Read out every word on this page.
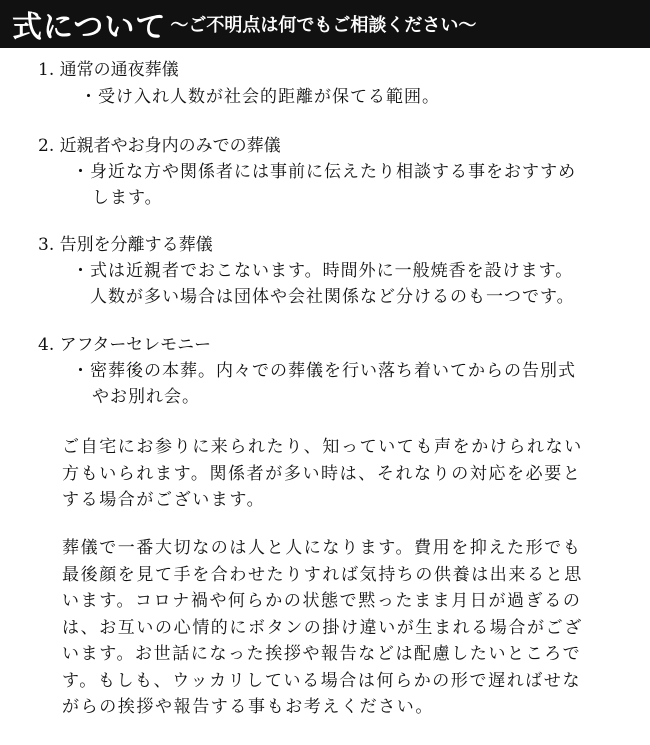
式について 〜ご不明点は何でもご相談ください〜
1. 通常の通夜葬儀
・受け入れ人数が社会的距離が保てる範囲。
2. 近親者やお身内のみでの葬儀
・身近な方や関係者には事前に伝えたり相談する事をおすすめ
します。
3. 告別を分離する葬儀
・式は近親者でおこないます。時間外に一般焼香を設けます。
人数が多い場合は団体や会社関係など分けるのも一つです。
4. アフターセレモニー
・密葬後の本葬。内々での葬儀を行い落ち着いてからの告別式
やお別れ会。
ご自宅にお参りに来られたり、知っていても声をかけられない
方もいられます。関係者が多い時は、それなりの対応を必要と
する場合がございます。
葬儀で一番大切なのは人と人になります。費用を抑えた形でも
最後顔を見て手を合わせたりすれば気持ちの供養は出来ると思
います。コロナ禍や何らかの状態で黙ったまま月日が過ぎるの
は、お互いの心情的にボタンの掛け違いが生まれる場合がござ
います。お世話になった挨拶や報告などは配慮したいところで
す。もしも、ウッカリしている場合は何らかの形で遅ればせな
がらの挨拶や報告する事もお考えください。
